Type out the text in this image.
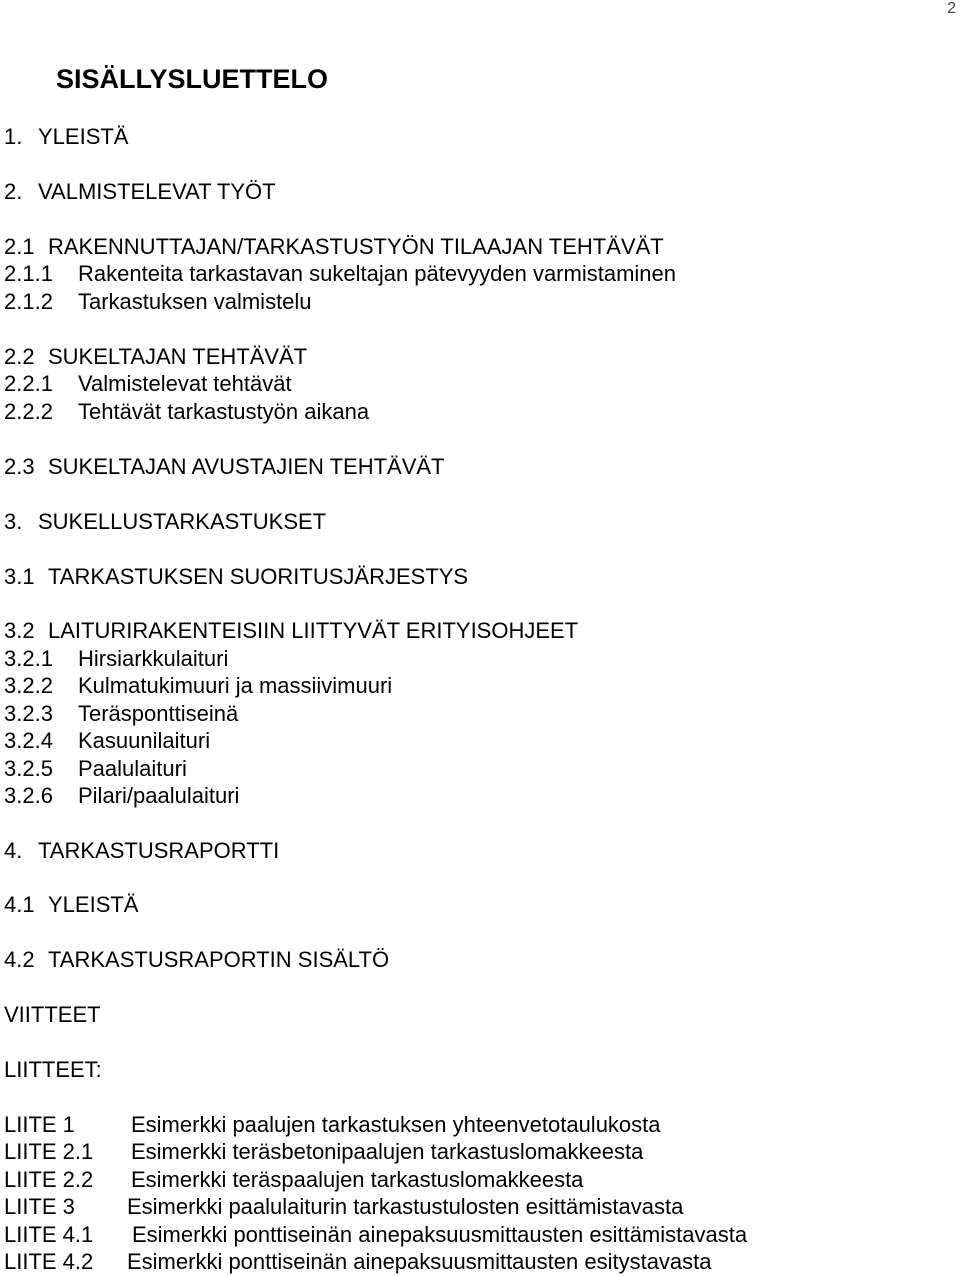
2
SISÄLLYSLUETTELO
1. YLEISTÄ
2. VALMISTELEVAT TYÖT
2.1 RAKENNUTTAJAN/TARKASTUSTYÖN TILAAJAN TEHTÄVÄT
2.1.1 Rakenteita tarkastavan sukeltajan pätevyyden varmistaminen
2.1.2 Tarkastuksen valmistelu
2.2 SUKELTAJAN TEHTÄVÄT
2.2.1 Valmistelevat tehtävät
2.2.2 Tehtävät tarkastustyön aikana
2.3 SUKELTAJAN AVUSTAJIEN TEHTÄVÄT
3. SUKELLUSTARKASTUKSET
3.1 TARKASTUKSEN SUORITUSJÄRJESTYS
3.2 LAITURIRAKENTEISIIN LIITTYVÄT ERITYISOHJEET
3.2.1 Hirsiarkkulaituri
3.2.2 Kulmatukimuuri ja massiivimuuri
3.2.3 Teräsponttiseinä
3.2.4 Kasuunilaituri
3.2.5 Paalulaituri
3.2.6 Pilari/paalulaituri
4. TARKASTUSRAPORTTI
4.1 YLEISTÄ
4.2 TARKASTUSRAPORTIN SISÄLTÖ
VIITTEET
LIITTEET:
LIITE 1	Esimerkki paalujen tarkastuksen yhteenvetotaulukosta
LIITE 2.1 Esimerkki teräsbetonipaalujen tarkastuslomakkeesta
LIITE 2.2 Esimerkki teräspaalujen tarkastuslomakkeesta
LIITE 3 Esimerkki paalulaiturin tarkastustulosten esittämistavasta
LIITE 4.1 Esimerkki ponttiseinän ainepaksuusmittausten esittämistavasta
LIITE 4.2 Esimerkki ponttiseinän ainepaksuusmittausten esitystavasta
